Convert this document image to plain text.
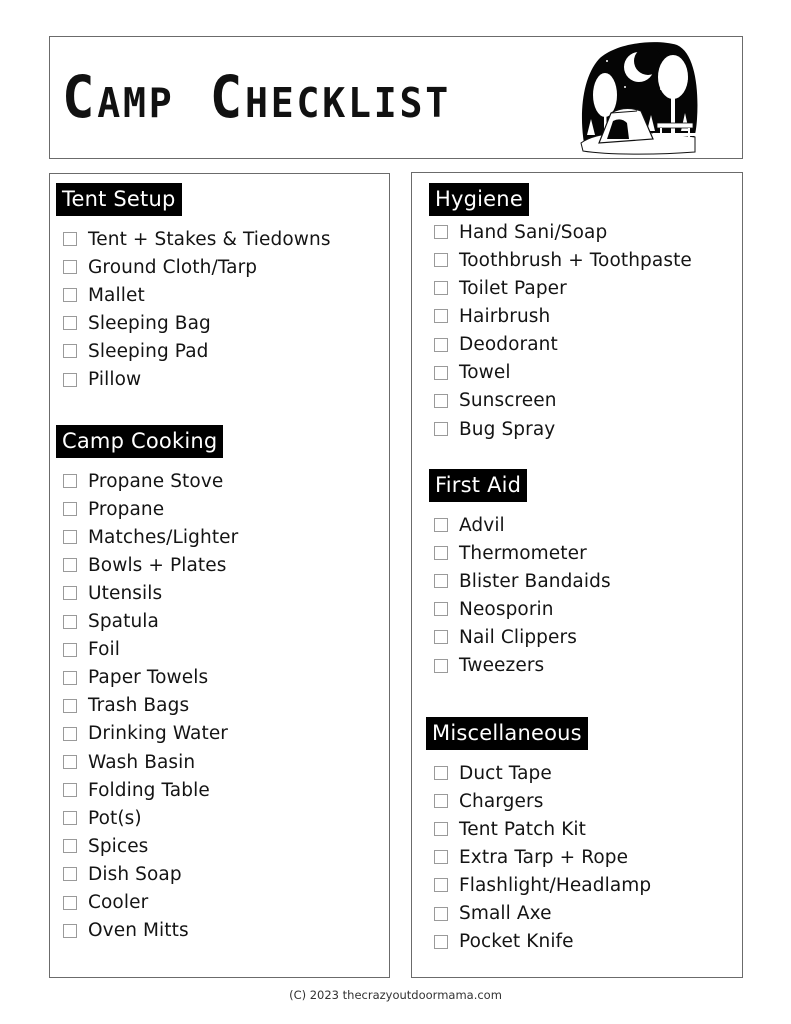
Camp Checklist
Tent Setup
Tent + Stakes & Tiedowns
Ground Cloth/Tarp
Mallet
Sleeping Bag
Sleeping Pad
Pillow
Camp Cooking
Propane Stove
Propane
Matches/Lighter
Bowls + Plates
Utensils
Spatula
Foil
Paper Towels
Trash Bags
Drinking Water
Wash Basin
Folding Table
Pot(s)
Spices
Dish Soap
Cooler
Oven Mitts
Hygiene
Hand Sani/Soap
Toothbrush + Toothpaste
Toilet Paper
Hairbrush
Deodorant
Towel
Sunscreen
Bug Spray
First Aid
Advil
Thermometer
Blister Bandaids
Neosporin
Nail Clippers
Tweezers
Miscellaneous
Duct Tape
Chargers
Tent Patch Kit
Extra Tarp + Rope
Flashlight/Headlamp
Small Axe
Pocket Knife
(C) 2023 thecrazyoutdoormama.com
